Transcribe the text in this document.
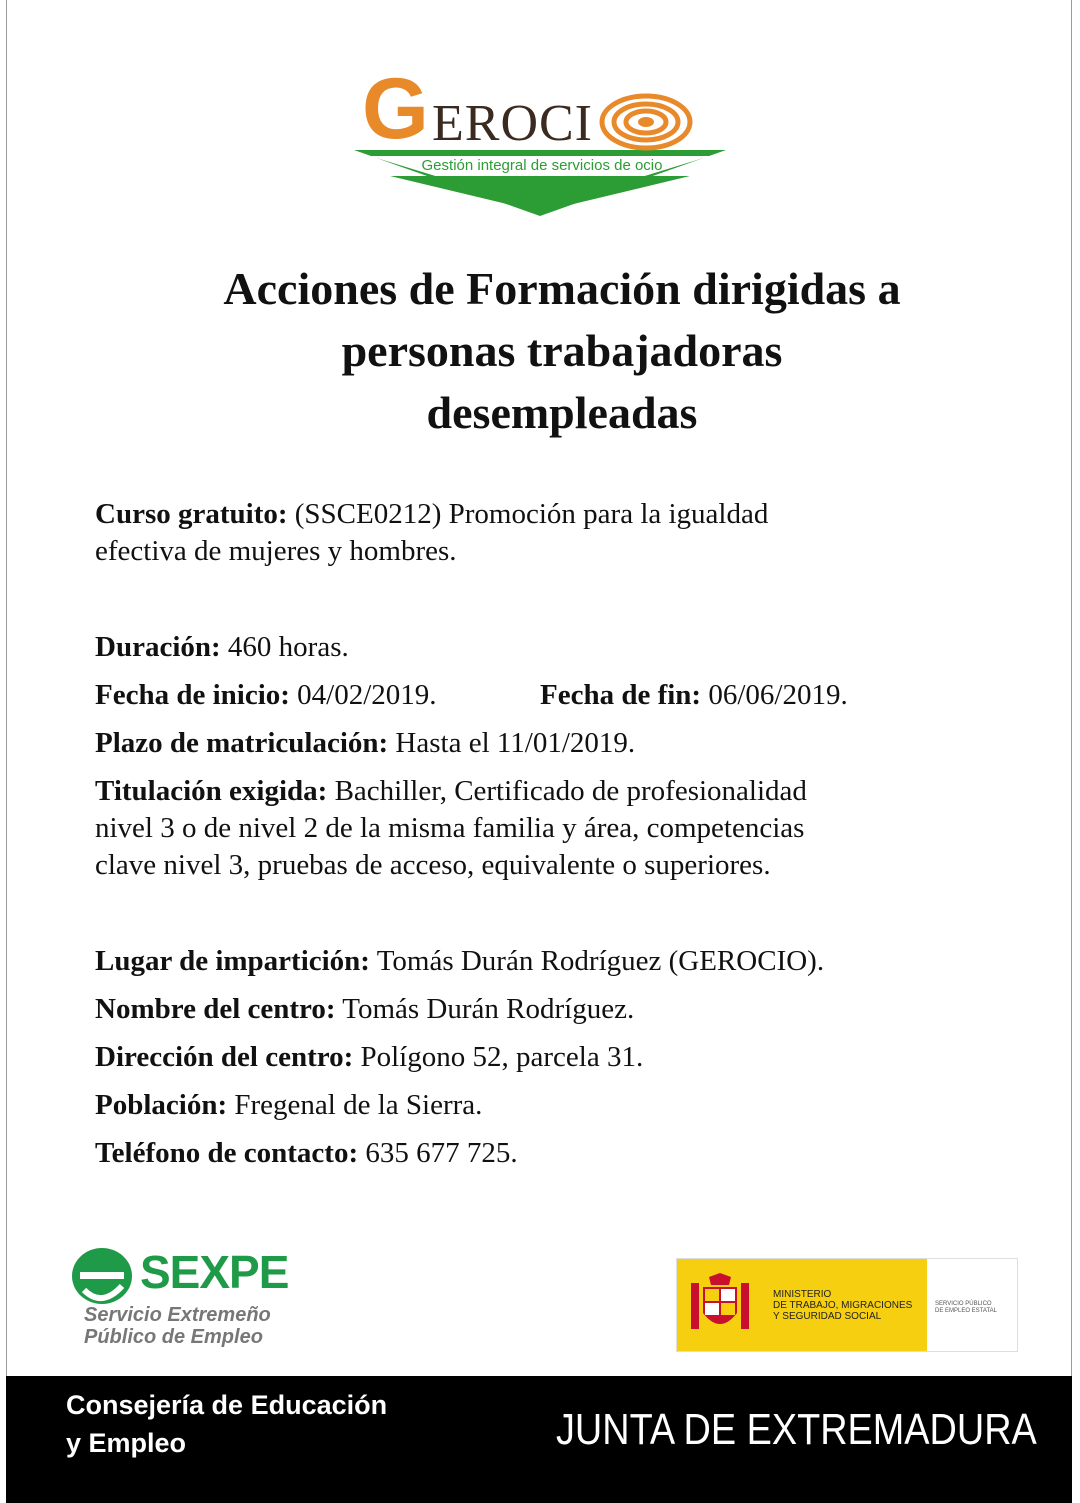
G EROCI
Gestión integral de servicios de ocio
Acciones de Formación dirigidas a
personas trabajadoras
desempleadas
Curso gratuito: (SSCE0212) Promoción para la igualdad
efectiva de mujeres y hombres.
Duración: 460 horas.
Fecha de inicio: 04/02/2019.	Fecha de fin: 06/06/2019.
Plazo de matriculación: Hasta el 11/01/2019.
Titulación exigida: Bachiller, Certificado de profesionalidad
nivel 3 o de nivel 2 de la misma familia y área, competencias
clave nivel 3, pruebas de acceso, equivalente o superiores.
Lugar de impartición: Tomás Durán Rodríguez (GEROCIO).
Nombre del centro: Tomás Durán Rodríguez.
Dirección del centro: Polígono 52, parcela 31.
Población: Fregenal de la Sierra.
Teléfono de contacto: 635 677 725.
SEXPE
Servicio Extremeño
Público de Empleo
MINISTERIO
DE TRABAJO, MIGRACIONES
Y SEGURIDAD SOCIAL
SERVICIO PÚBLICO
DE EMPLEO ESTATAL
Consejería de Educación
y Empleo	JUNTA DE EXTREMADURA
